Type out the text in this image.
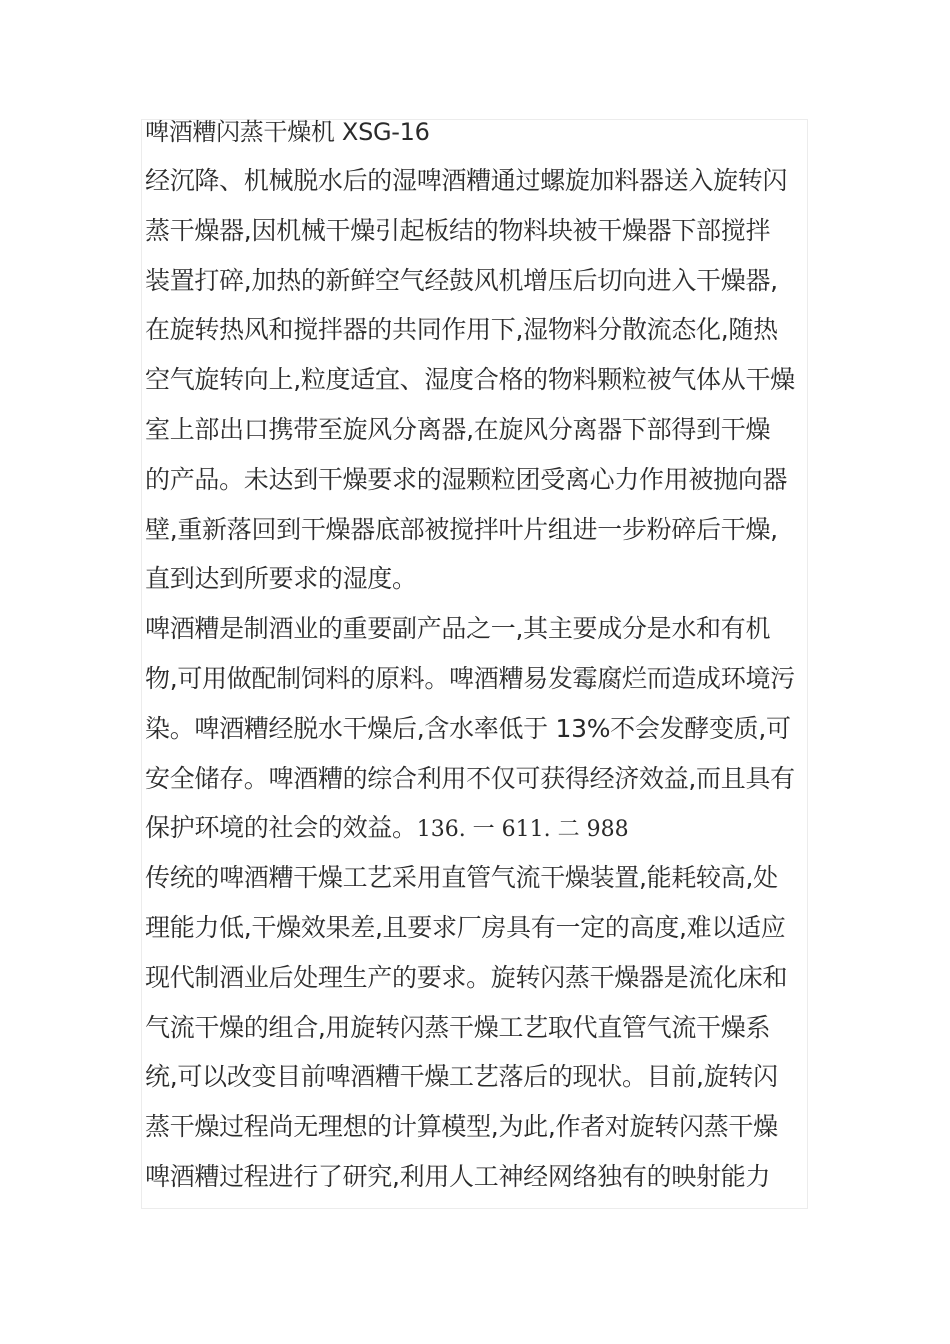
啤酒糟闪蒸干燥机 XSG-16
经沉降、机械脱水后的湿啤酒糟通过螺旋加料器送入旋转闪
蒸干燥器,因机械干燥引起板结的物料块被干燥器下部搅拌
装置打碎,加热的新鲜空气经鼓风机增压后切向进入干燥器,
在旋转热风和搅拌器的共同作用下,湿物料分散流态化,随热
空气旋转向上,粒度适宜、湿度合格的物料颗粒被气体从干燥
室上部出口携带至旋风分离器,在旋风分离器下部得到干燥
的产品。未达到干燥要求的湿颗粒团受离心力作用被抛向器
壁,重新落回到干燥器底部被搅拌叶片组进一步粉碎后干燥,
直到达到所要求的湿度。
啤酒糟是制酒业的重要副产品之一,其主要成分是水和有机
物,可用做配制饲料的原料。啤酒糟易发霉腐烂而造成环境污
染。啤酒糟经脱水干燥后,含水率低于 13%不会发酵变质,可
安全储存。啤酒糟的综合利用不仅可获得经济效益,而且具有
保护环境的社会的效益。136. 一 611. 二 988
传统的啤酒糟干燥工艺采用直管气流干燥装置,能耗较高,处
理能力低,干燥效果差,且要求厂房具有一定的高度,难以适应
现代制酒业后处理生产的要求。旋转闪蒸干燥器是流化床和
气流干燥的组合,用旋转闪蒸干燥工艺取代直管气流干燥系
统,可以改变目前啤酒糟干燥工艺落后的现状。目前,旋转闪
蒸干燥过程尚无理想的计算模型,为此,作者对旋转闪蒸干燥
啤酒糟过程进行了研究,利用人工神经网络独有的映射能力
